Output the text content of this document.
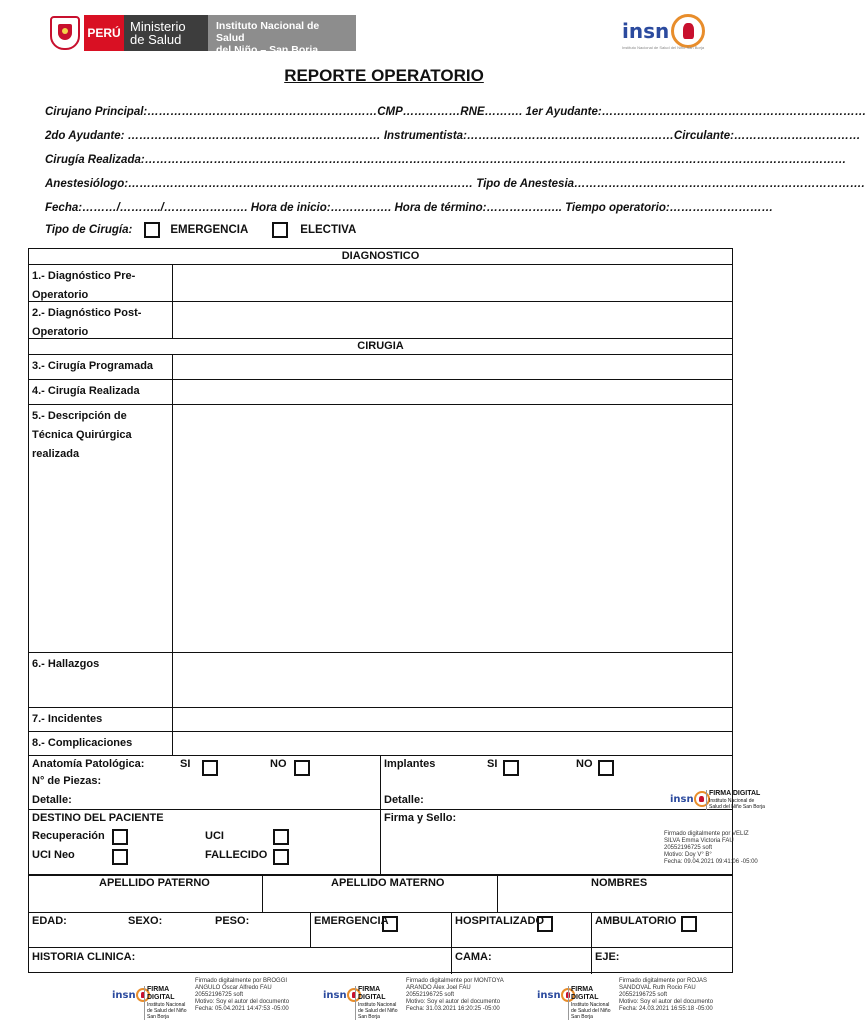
PERÚ Ministerio
de Salud
Instituto Nacional de Salud
del Niño – San Borja
insn
Instituto Nacional de Salud del Niño San Borja
REPORTE OPERATORIO
Cirujano Principal:……………………………………………………CMP……………RNE………. 1er Ayudante:……………………………………………………………
2do Ayudante: ………………………………………………………… Instrumentista:………………………………………………Circulante:……………………………
Cirugía Realizada:…………………………………………………………………………………………………………………………………………………………………
Anestesiólogo:……………………………………………………………………………… Tipo de Anestesia………………………………………………………………….
Fecha:………/………../…………………. Hora de inicio:……………. Hora de término:……………….. Tiempo operatorio:………………………
Tipo de Cirugía:	EMERGENCIA	ELECTIVA
DIAGNOSTICO
1.- Diagnóstico Pre-Operatorio
2.- Diagnóstico Post-Operatorio
CIRUGIA
3.- Cirugía Programada
4.- Cirugía Realizada
5.- Descripción de Técnica Quirúrgica realizada
6.- Hallazgos
7.- Incidentes
8.- Complicaciones
Anatomía Patológica:	SI	NO
N° de Piezas:
Detalle:
Implantes	SI	NO
Detalle:
DESTINO DEL PACIENTE	Firma y Sello:
Recuperación	UCI
UCI Neo	FALLECIDO
APELLIDO PATERNO	APELLIDO MATERNO	NOMBRES
EDAD:	SEXO:	PESO:	EMERGENCIA	HOSPITALIZADO	AMBULATORIO
HISTORIA CLINICA:	CAMA:	EJE:
insn	FIRMA DIGITAL
Instituto Nacional de Salud del Niño San Borja
Firmado digitalmente por VELIZ
SILVA Emma Victoria FAU
20552196725 soft
Motivo: Doy V° B°
Fecha: 09.04.2021 09:41:06 -05:00
insn	FIRMA DIGITAL
Instituto Nacional de Salud del Niño San Borja
Firmado digitalmente por BROGGI
ANGULO Oscar Alfredo FAU
20552196725 soft
Motivo: Soy el autor del documento
Fecha: 05.04.2021 14:47:53 -05:00
insn	FIRMA DIGITAL
Instituto Nacional de Salud del Niño San Borja
Firmado digitalmente por MONTOYA
ARANDO Alex Joel FAU
20552196725 soft
Motivo: Soy el autor del documento
Fecha: 31.03.2021 16:20:25 -05:00
insn	FIRMA DIGITAL
Instituto Nacional de Salud del Niño San Borja
Firmado digitalmente por ROJAS
SANDOVAL Ruth Rocio FAU
20552196725 soft
Motivo: Soy el autor del documento
Fecha: 24.03.2021 16:55:18 -05:00
